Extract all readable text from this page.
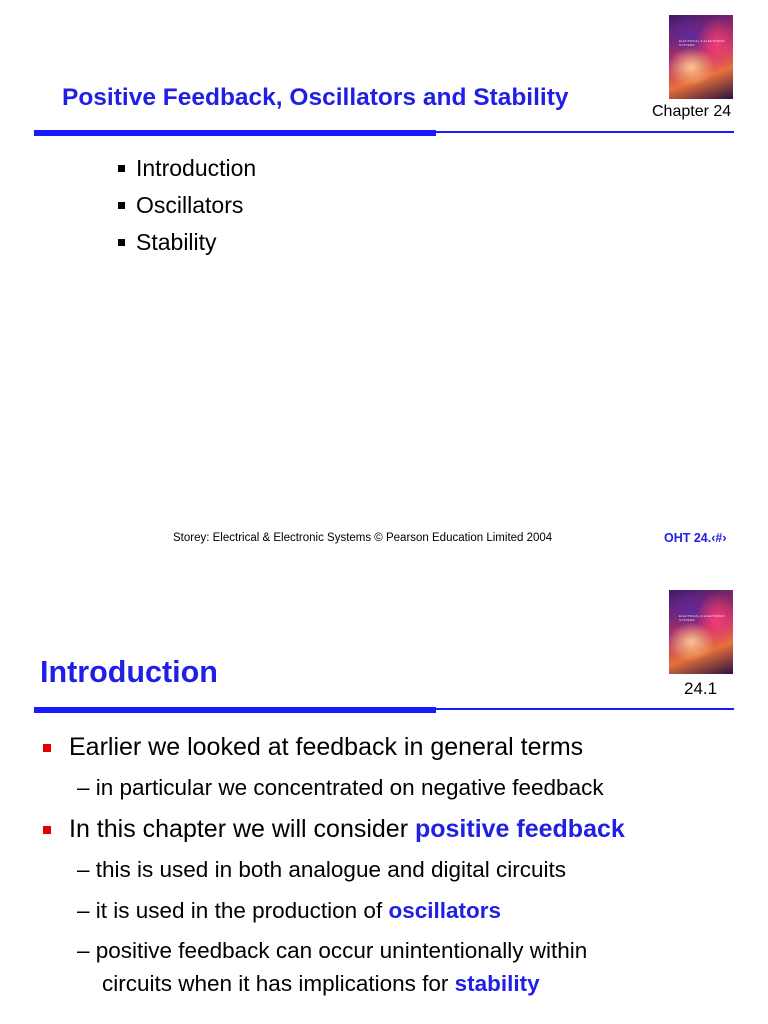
ELECTRICAL & ELECTRONIC SYSTEMS
Positive Feedback, Oscillators and Stability
Chapter 24
Introduction
Oscillators
Stability
Storey: Electrical & Electronic Systems © Pearson Education Limited 2004	OHT 24.‹#›
ELECTRICAL & ELECTRONIC SYSTEMS
Introduction	24.1
Earlier we looked at feedback in general terms
– in particular we concentrated on negative feedback
In this chapter we will consider positive feedback
– this is used in both analogue and digital circuits
– it is used in the production of oscillators
– positive feedback can occur unintentionally within
circuits when it has implications for stability
